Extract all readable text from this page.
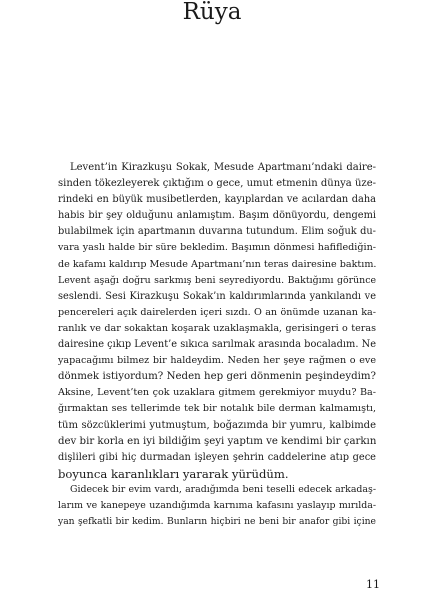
Rüya
Levent’in Kirazkuşu Sokak, Mesude Apartmanı’ndaki daire-
sinden tökezleyerek çıktığım o gece, umut etmenin dünya üze-
rindeki en büyük musibetlerden, kayıplardan ve acılardan daha
habis bir şey olduğunu anlamıştım. Başım dönüyordu, dengemi
bulabilmek için apartmanın duvarına tutundum. Elim soğuk du-
vara yaslı halde bir süre bekledim. Başımın dönmesi hafiflediğin-
de kafamı kaldırıp Mesude Apartmanı’nın teras dairesine baktım.
Levent aşağı doğru sarkmış beni seyrediyordu. Baktığımı görünce
seslendi. Sesi Kirazkuşu Sokak’ın kaldırımlarında yankılandı ve
pencereleri açık dairelerden içeri sızdı. O an önümde uzanan ka-
ranlık ve dar sokaktan koşarak uzaklaşmakla, gerisingeri o teras
dairesine çıkıp Levent’e sıkıca sarılmak arasında bocaladım. Ne
yapacağımı bilmez bir haldeydim. Neden her şeye rağmen o eve
dönmek istiyordum? Neden hep geri dönmenin peşindeydim?
Aksine, Levent’ten çok uzaklara gitmem gerekmiyor muydu? Ba-
ğırmaktan ses tellerimde tek bir notalık bile derman kalmamıştı,
tüm sözcüklerimi yutmuştum, boğazımda bir yumru, kalbimde
dev bir korla en iyi bildiğim şeyi yaptım ve kendimi bir çarkın
dişlileri gibi hiç durmadan işleyen şehrin caddelerine atıp gece
boyunca karanlıkları yararak yürüdüm.
Gidecek bir evim vardı, aradığımda beni teselli edecek arkadaş-
larım ve kanepeye uzandığımda karnıma kafasını yaslayıp mırılda-
yan şefkatli bir kedim. Bunların hiçbiri ne beni bir anafor gibi içine
11
